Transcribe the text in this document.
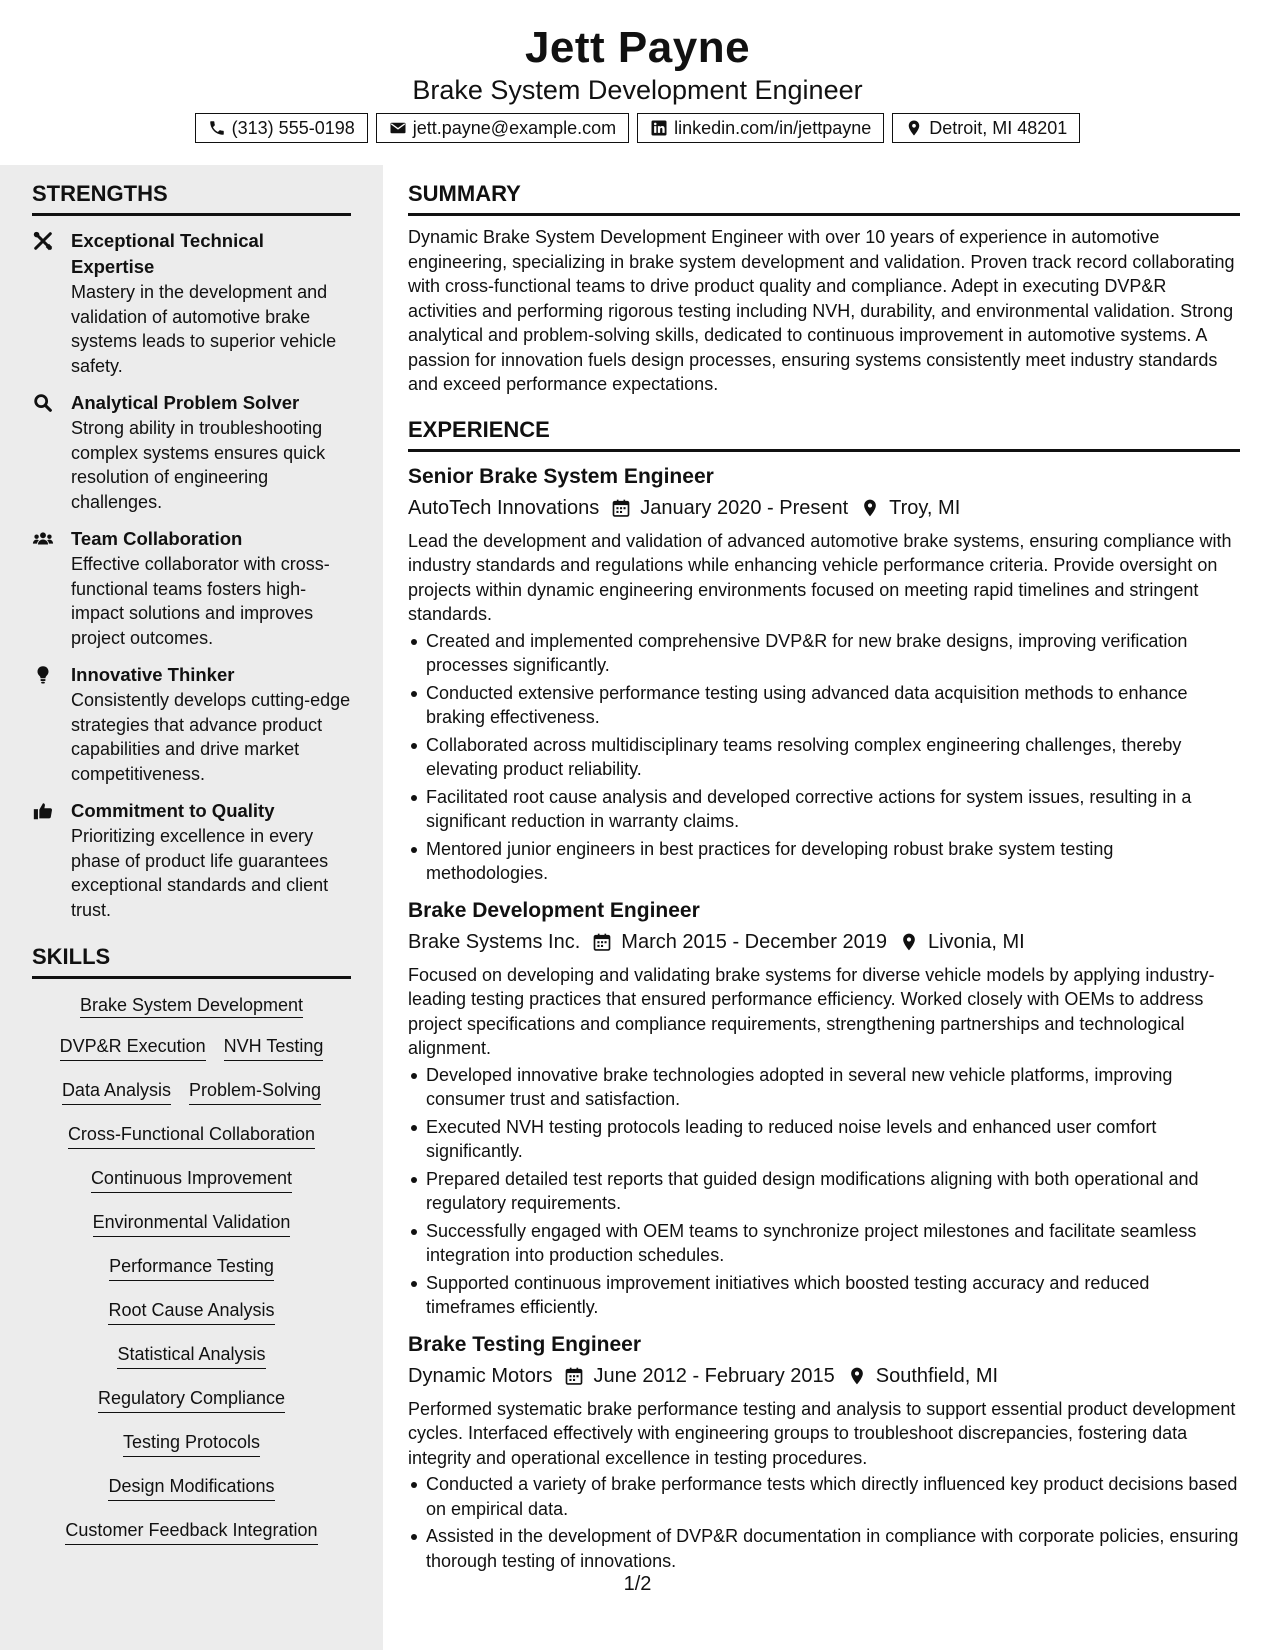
Jett Payne
Brake System Development Engineer
(313) 555-0198	jett.payne@example.com	linkedin.com/in/jettpayne	Detroit, MI 48201
STRENGTHS
Exceptional Technical Expertise
Mastery in the development and validation of automotive brake systems leads to superior vehicle safety.
Analytical Problem Solver
Strong ability in troubleshooting complex systems ensures quick resolution of engineering challenges.
Team Collaboration
Effective collaborator with cross-functional teams fosters high-impact solutions and improves project outcomes.
Innovative Thinker
Consistently develops cutting-edge strategies that advance product capabilities and drive market competitiveness.
Commitment to Quality
Prioritizing excellence in every phase of product life guarantees exceptional standards and client trust.
SKILLS
Brake System Development
DVP&R Execution NVH Testing
Data Analysis Problem-Solving
Cross-Functional Collaboration
Continuous Improvement
Environmental Validation
Performance Testing
Root Cause Analysis
Statistical Analysis
Regulatory Compliance
Testing Protocols
Design Modifications
Customer Feedback Integration
SUMMARY
Dynamic Brake System Development Engineer with over 10 years of experience in automotive engineering, specializing in brake system development and validation. Proven track record collaborating with cross-functional teams to drive product quality and compliance. Adept in executing DVP&R activities and performing rigorous testing including NVH, durability, and environmental validation. Strong analytical and problem-solving skills, dedicated to continuous improvement in automotive systems. A passion for innovation fuels design processes, ensuring systems consistently meet industry standards and exceed performance expectations.
EXPERIENCE
Senior Brake System Engineer
AutoTech Innovations January 2020 - Present Troy, MI
Lead the development and validation of advanced automotive brake systems, ensuring compliance with industry standards and regulations while enhancing vehicle performance criteria. Provide oversight on projects within dynamic engineering environments focused on meeting rapid timelines and stringent standards.
Created and implemented comprehensive DVP&R for new brake designs, improving verification processes significantly.
Conducted extensive performance testing using advanced data acquisition methods to enhance braking effectiveness.
Collaborated across multidisciplinary teams resolving complex engineering challenges, thereby elevating product reliability.
Facilitated root cause analysis and developed corrective actions for system issues, resulting in a significant reduction in warranty claims.
Mentored junior engineers in best practices for developing robust brake system testing methodologies.
Brake Development Engineer
Brake Systems Inc. March 2015 - December 2019 Livonia, MI
Focused on developing and validating brake systems for diverse vehicle models by applying industry-leading testing practices that ensured performance efficiency. Worked closely with OEMs to address project specifications and compliance requirements, strengthening partnerships and technological alignment.
Developed innovative brake technologies adopted in several new vehicle platforms, improving consumer trust and satisfaction.
Executed NVH testing protocols leading to reduced noise levels and enhanced user comfort significantly.
Prepared detailed test reports that guided design modifications aligning with both operational and regulatory requirements.
Successfully engaged with OEM teams to synchronize project milestones and facilitate seamless integration into production schedules.
Supported continuous improvement initiatives which boosted testing accuracy and reduced timeframes efficiently.
Brake Testing Engineer
Dynamic Motors June 2012 - February 2015 Southfield, MI
Performed systematic brake performance testing and analysis to support essential product development cycles. Interfaced effectively with engineering groups to troubleshoot discrepancies, fostering data integrity and operational excellence in testing procedures.
Conducted a variety of brake performance tests which directly influenced key product decisions based on empirical data.
Assisted in the development of DVP&R documentation in compliance with corporate policies, ensuring thorough testing of innovations.
1/2
